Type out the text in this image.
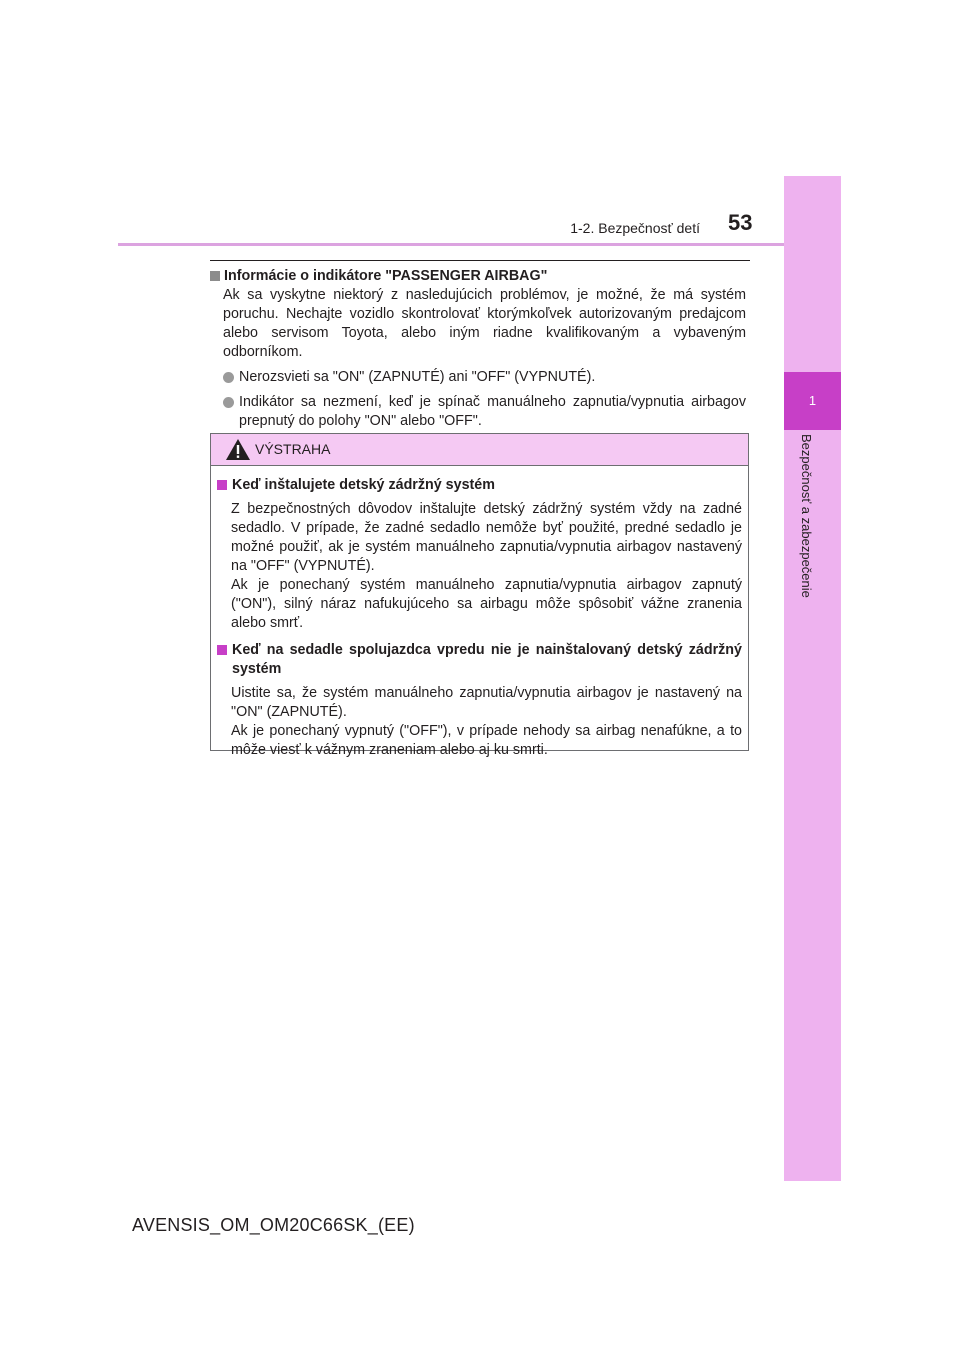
1
Bezpečnosť a zabezpečenie
53
1-2. Bezpečnosť detí
Informácie o indikátore "PASSENGER AIRBAG"
Ak sa vyskytne niektorý z nasledujúcich problémov, je možné, že má systém poruchu. Nechajte vozidlo skontrolovať ktorýmkoľvek autorizovaným predajcom alebo servisom Toyota, alebo iným riadne kvalifikovaným a vybaveným odborníkom.
Nerozsvieti sa "ON" (ZAPNUTÉ) ani "OFF" (VYPNUTÉ).
Indikátor sa nezmení, keď je spínač manuálneho zapnutia/vypnutia airbagov prepnutý do polohy "ON" alebo "OFF".
VÝSTRAHA
Keď inštalujete detský zádržný systém
Z bezpečnostných dôvodov inštalujte detský zádržný systém vždy na zadné sedadlo. V prípade, že zadné sedadlo nemôže byť použité, predné sedadlo je možné použiť, ak je systém manuálneho zapnutia/vypnutia airbagov nastavený na "OFF" (VYPNUTÉ).
Ak je ponechaný systém manuálneho zapnutia/vypnutia airbagov zapnutý ("ON"), silný náraz nafukujúceho sa airbagu môže spôsobiť vážne zranenia alebo smrť.
Keď na sedadle spolujazdca vpredu nie je nainštalovaný detský zádržný systém
Uistite sa, že systém manuálneho zapnutia/vypnutia airbagov je nastavený na "ON" (ZAPNUTÉ).
Ak je ponechaný vypnutý ("OFF"), v prípade nehody sa airbag nenafúkne, a to môže viesť k vážnym zraneniam alebo aj ku smrti.
AVENSIS_OM_OM20C66SK_(EE)
